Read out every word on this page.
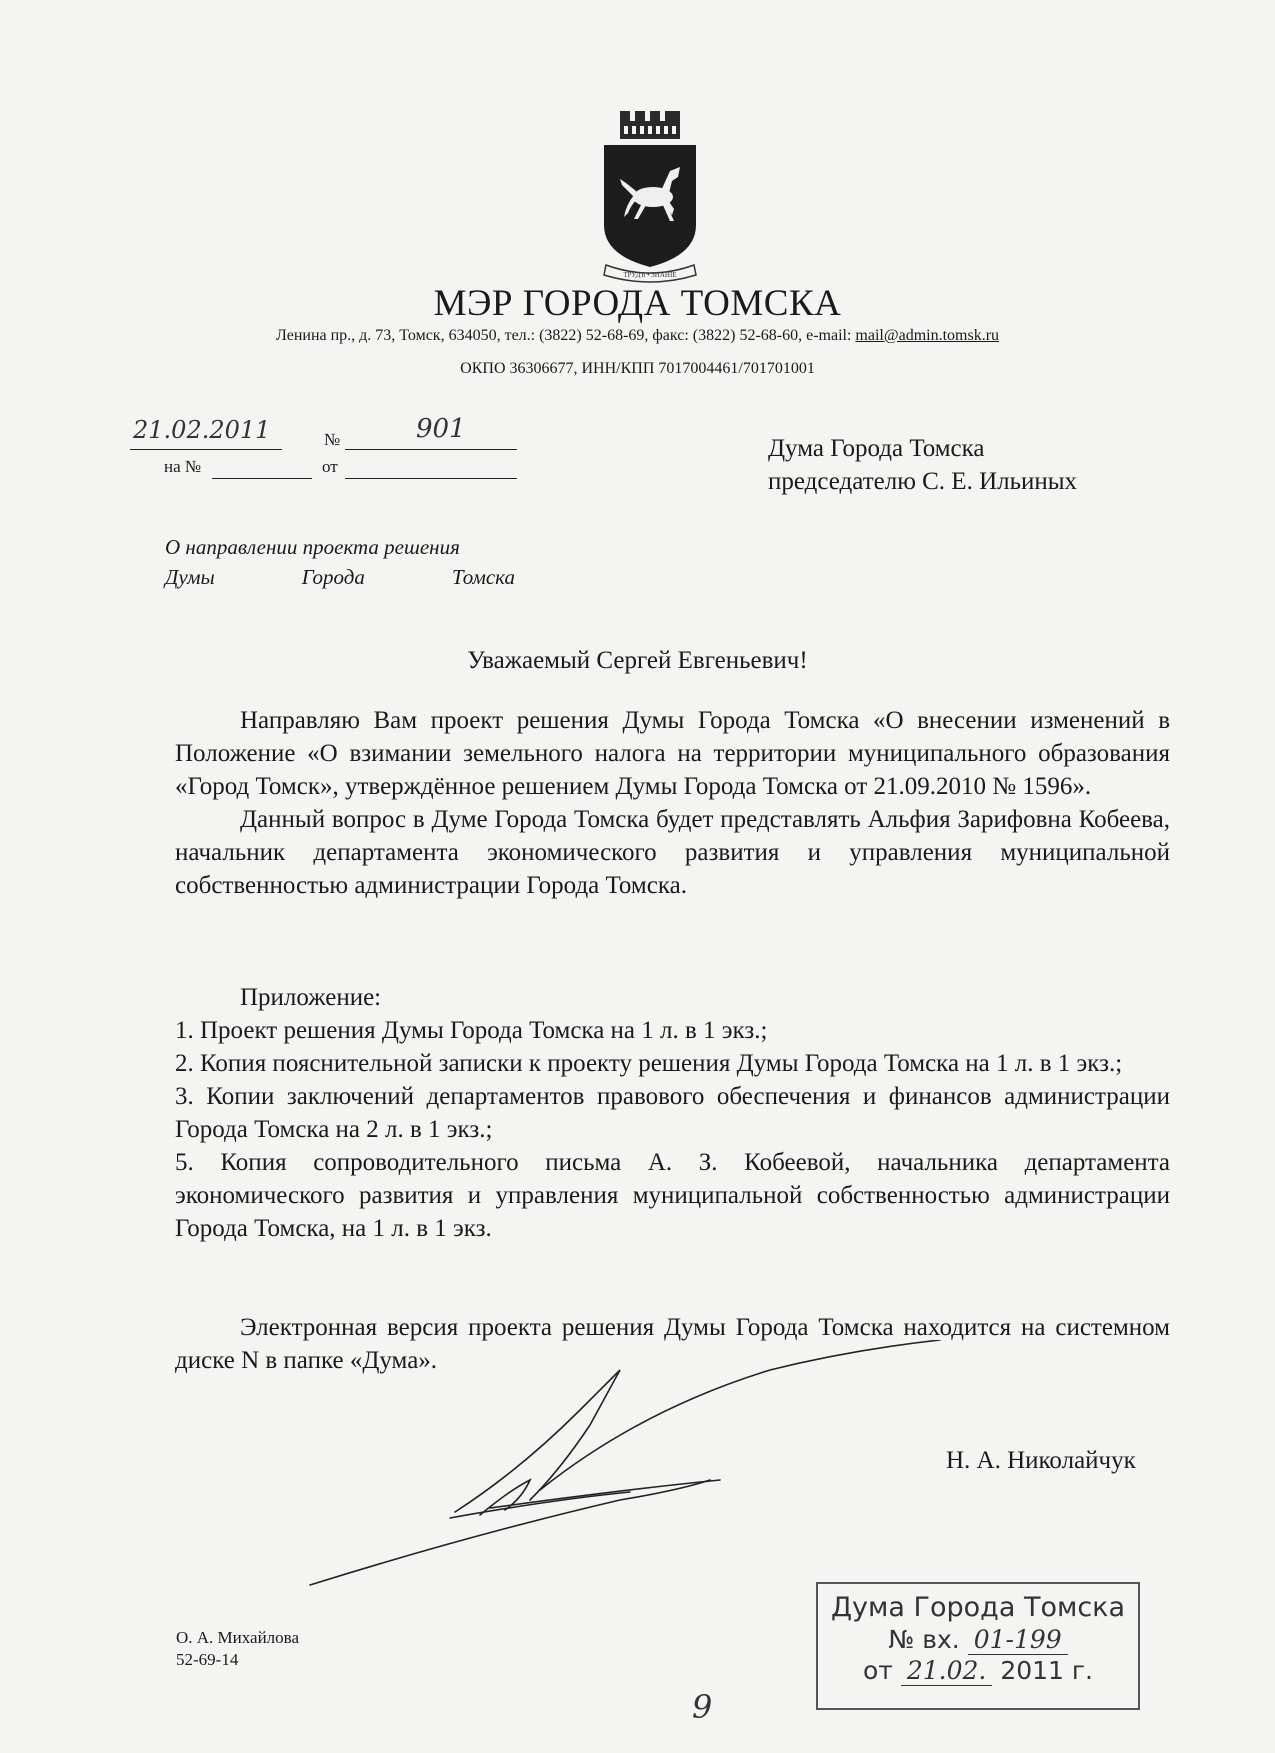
ТРУДЪ • ЗНАНІЕ
МЭР ГОРОДА ТОМСКА
Ленина пр., д. 73, Томск, 634050, тел.: (3822) 52-68-69, факс: (3822) 52-68-60, e-mail: mail@admin.tomsk.ru
ОКПО 36306677, ИНН/КПП 7017004461/701701001
21.02.2011	№	901
на №	от
Дума Города Томска
председателю С. Е. Ильиных
О направлении проекта решения
Думы	Города	Томска
Уважаемый Сергей Евгеньевич!
Направляю Вам проект решения Думы Города Томска «О внесении изменений в Положение «О взимании земельного налога на территории муниципального образования «Город Томск», утверждённое решением Думы Города Томска от 21.09.2010 № 1596».
Данный вопрос в Думе Города Томска будет представлять Альфия Зарифовна Кобеева, начальник департамента экономического развития и управления муниципальной собственностью администрации Города Томска.
Приложение:
1. Проект решения Думы Города Томска на 1 л. в 1 экз.;
2. Копия пояснительной записки к проекту решения Думы Города Томска на 1 л. в 1 экз.;
3. Копии заключений департаментов правового обеспечения и финансов администрации Города Томска на 2 л. в 1 экз.;
5. Копия сопроводительного письма А. З. Кобеевой, начальника департамента экономического развития и управления муниципальной собственностью администрации Города Томска, на 1 л. в 1 экз.
Электронная версия проекта решения Думы Города Томска находится на системном диске N в папке «Дума».
Н. А. Николайчук
О. А. Михайлова
52-69-14
Дума Города Томска
№ вх. 01-199
от 21.02. 2011 г.
9
